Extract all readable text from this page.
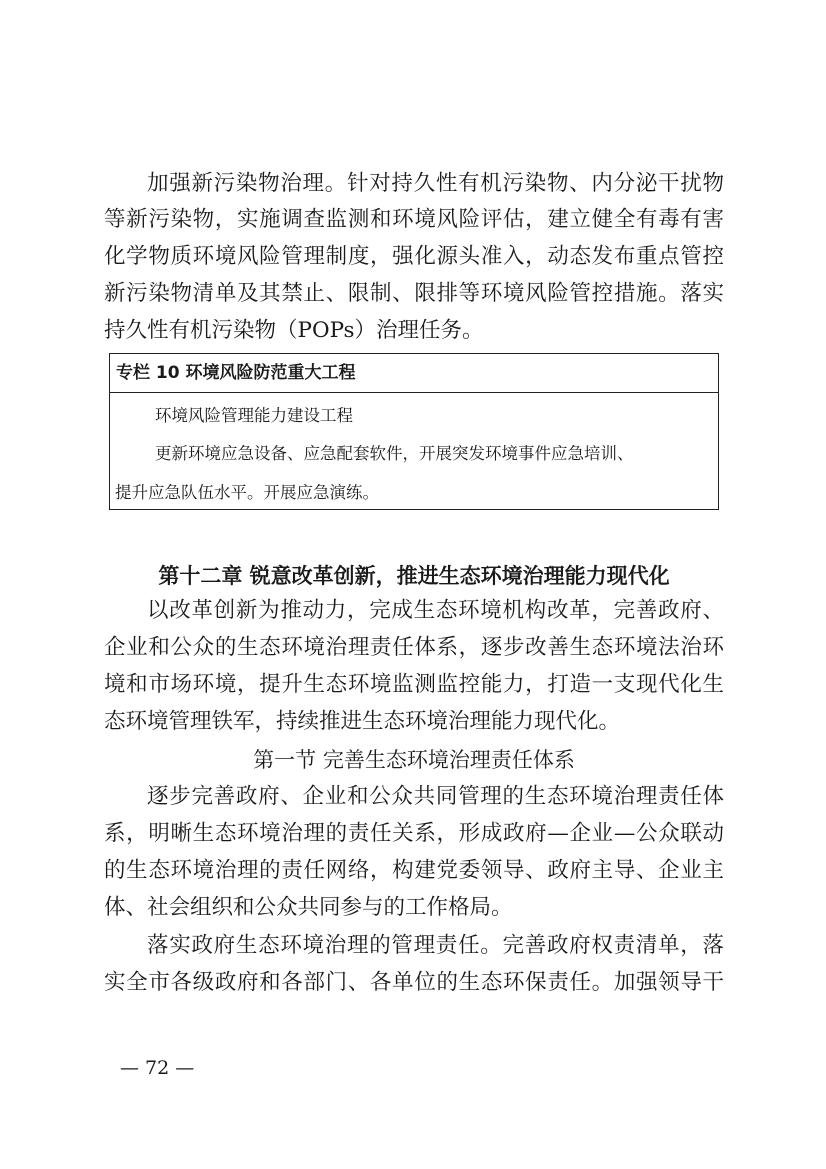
加强新污染物治理。针对持久性有机污染物、内分泌干扰物
等新污染物，实施调查监测和环境风险评估，建立健全有毒有害
化学物质环境风险管理制度，强化源头准入，动态发布重点管控
新污染物清单及其禁止、限制、限排等环境风险管控措施。落实
持久性有机污染物（POPs）治理任务。
专栏 10 环境风险防范重大工程
环境风险管理能力建设工程
更新环境应急设备、应急配套软件，开展突发环境事件应急培训、
提升应急队伍水平。开展应急演练。
第十二章 锐意改革创新，推进生态环境治理能力现代化
以改革创新为推动力，完成生态环境机构改革，完善政府、
企业和公众的生态环境治理责任体系，逐步改善生态环境法治环
境和市场环境，提升生态环境监测监控能力，打造一支现代化生
态环境管理铁军，持续推进生态环境治理能力现代化。
第一节 完善生态环境治理责任体系
逐步完善政府、企业和公众共同管理的生态环境治理责任体
系，明晰生态环境治理的责任关系，形成政府—企业—公众联动
的生态环境治理的责任网络，构建党委领导、政府主导、企业主
体、社会组织和公众共同参与的工作格局。
落实政府生态环境治理的管理责任。完善政府权责清单，落
实全市各级政府和各部门、各单位的生态环保责任。加强领导干
— 72 —
